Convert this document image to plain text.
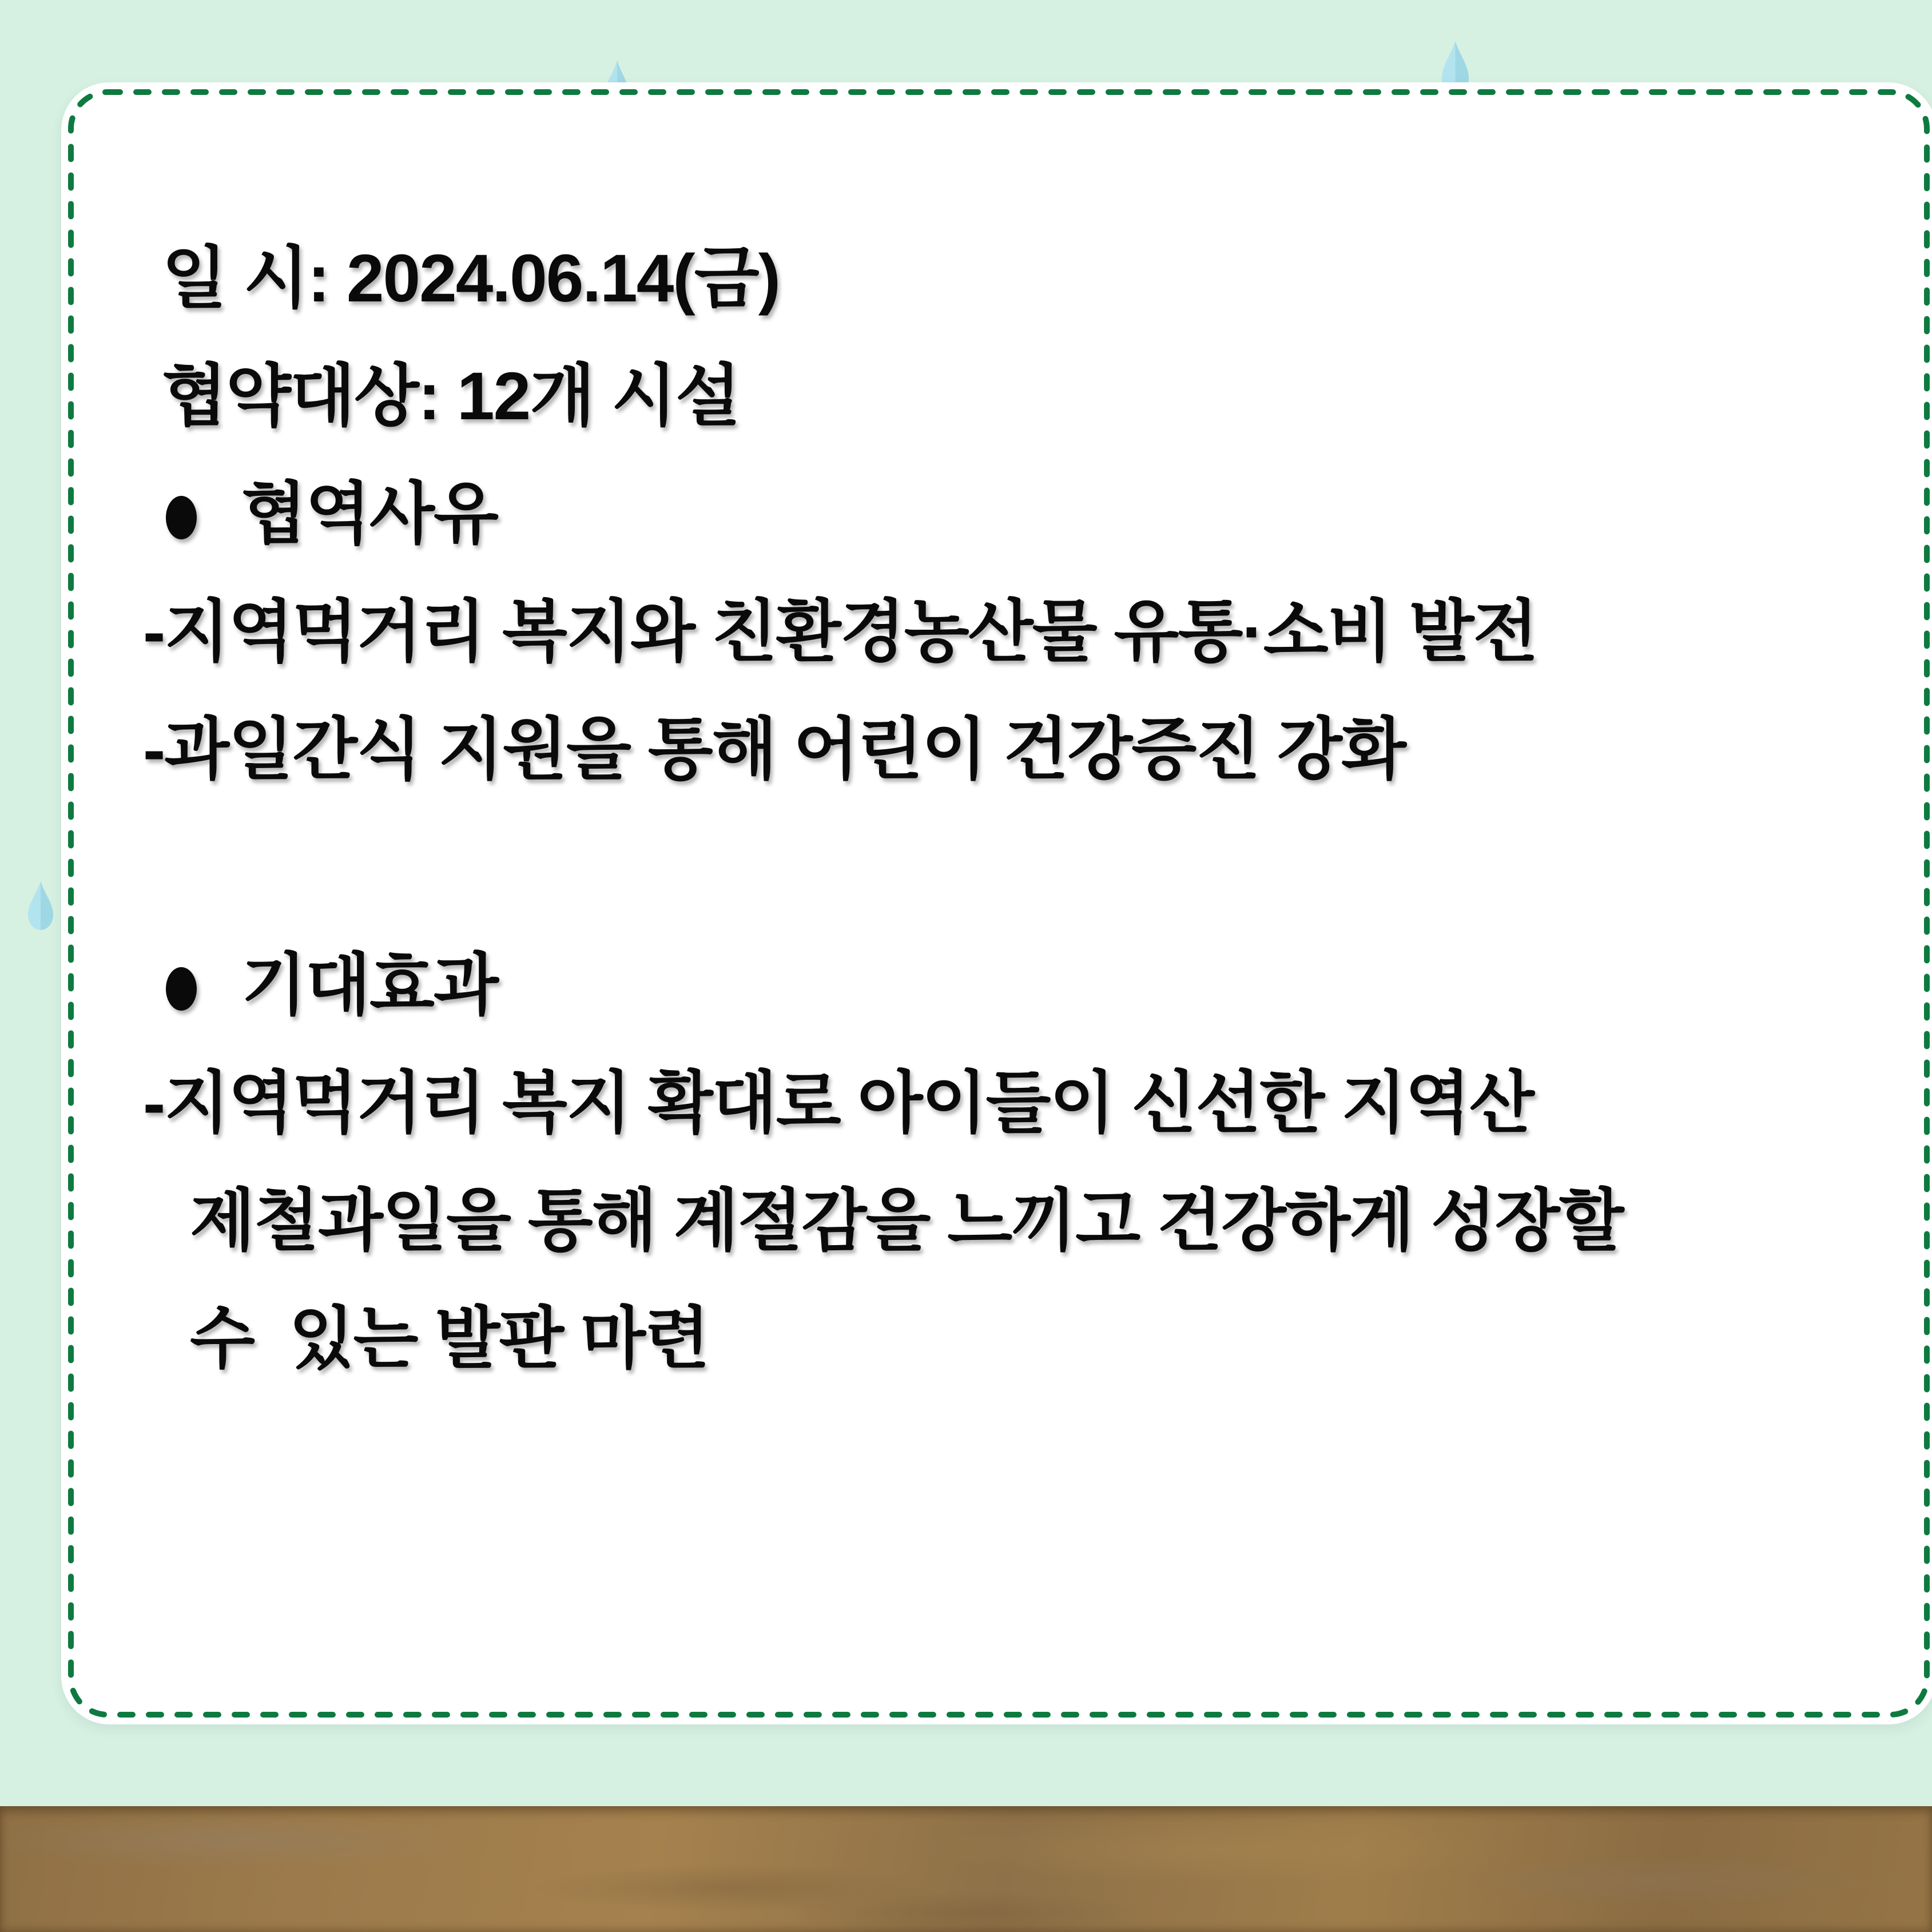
일 시: 2024.06.14(금)
협약대상: 12개 시설
협역사유
-지역먹거리 복지와 친환경농산물 유통·소비 발전
-과일간식 지원을 통해 어린이 건강증진 강화
기대효과
-지역먹거리 복지 확대로 아이들이 신선한 지역산
제철과일을 통해 계절감을 느끼고 건강하게 성장할
수  있는 발판 마련
